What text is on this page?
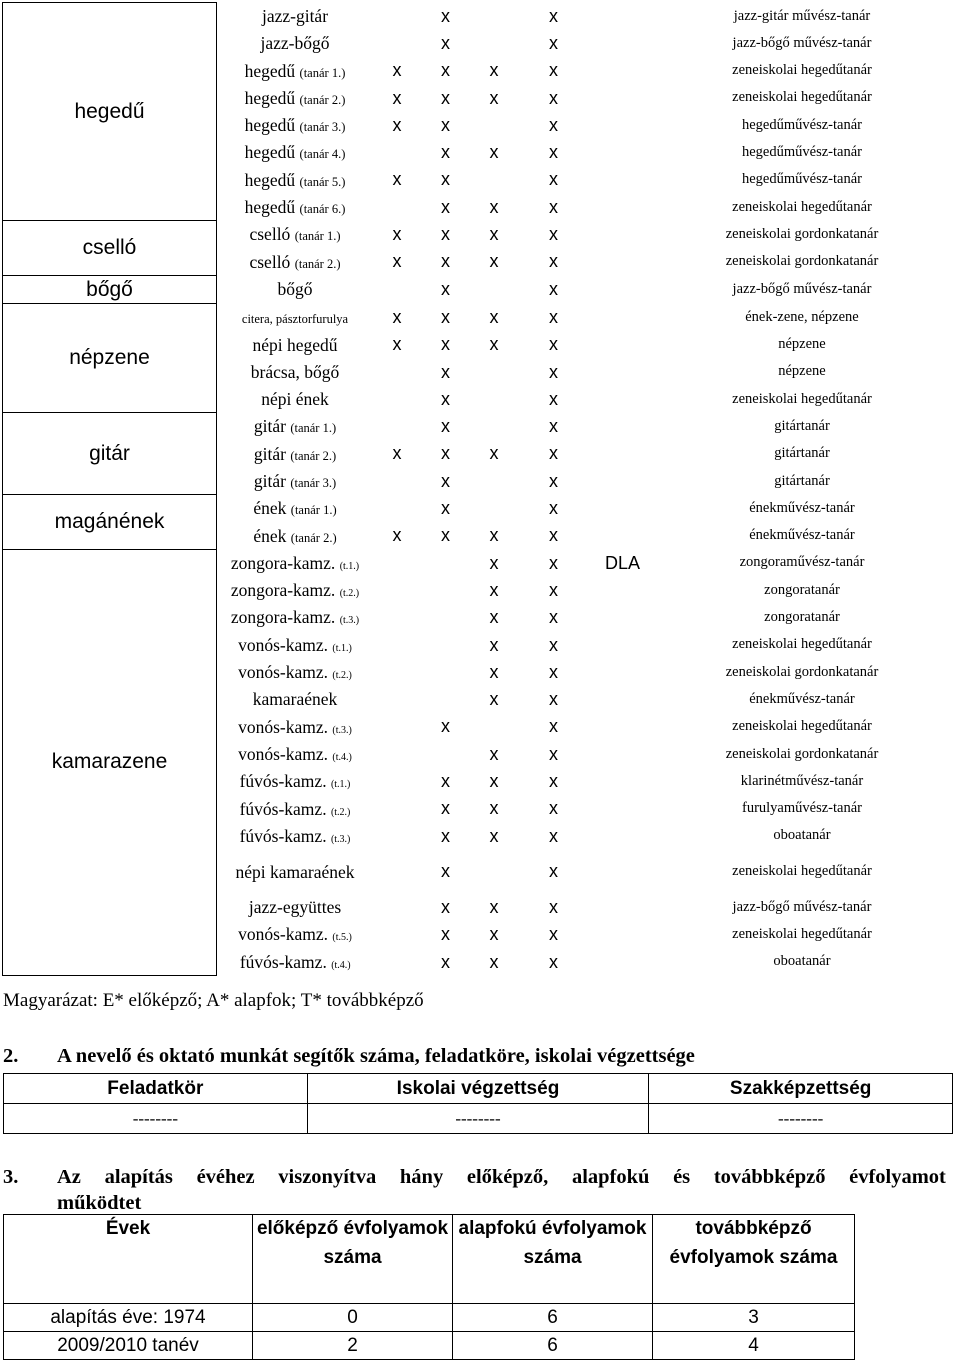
hegedű	jazz-gitár		x		x		jazz-gitár művész-tanár
	jazz-bőgő		x		x		jazz-bőgő művész-tanár
	hegedű (tanár 1.)	x	x	x	x		zeneiskolai hegedűtanár
	hegedű (tanár 2.)	x	x	x	x		zeneiskolai hegedűtanár
	hegedű (tanár 3.)	x	x		x		hegedűművész-tanár
	hegedű (tanár 4.)		x	x	x		hegedűművész-tanár
	hegedű (tanár 5.)	x	x		x		hegedűművész-tanár
	hegedű (tanár 6.)		x	x	x		zeneiskolai hegedűtanár
cselló	cselló (tanár 1.)	x	x	x	x		zeneiskolai gordonkatanár
	cselló (tanár 2.)	x	x	x	x		zeneiskolai gordonkatanár
bőgő	bőgő		x		x		jazz-bőgő művész-tanár
népzene	citera, pásztorfurulya	x	x	x	x		ének-zene, népzene
	népi hegedű	x	x	x	x		népzene
	brácsa, bőgő		x		x		népzene
	népi ének		x		x		zeneiskolai hegedűtanár
gitár	gitár (tanár 1.)		x		x		gitártanár
	gitár (tanár 2.)	x	x	x	x		gitártanár
	gitár (tanár 3.)		x		x		gitártanár
magánének	ének (tanár 1.)		x		x		énekművész-tanár
	ének (tanár 2.)	x	x	x	x		énekművész-tanár
kamarazene	zongora-kamz. (t.1.)			x	x	DLA	zongoraművész-tanár
	zongora-kamz. (t.2.)			x	x		zongoratanár
	zongora-kamz. (t.3.)			x	x		zongoratanár
	vonós-kamz. (t.1.)			x	x		zeneiskolai hegedűtanár
	vonós-kamz. (t.2.)			x	x		zeneiskolai gordonkatanár
	kamaraének			x	x		énekművész-tanár
	vonós-kamz. (t.3.)		x		x		zeneiskolai hegedűtanár
	vonós-kamz. (t.4.)			x	x		zeneiskolai gordonkatanár
	fúvós-kamz. (t.1.)		x	x	x		klarinétművész-tanár
	fúvós-kamz. (t.2.)		x	x	x		furulyaművész-tanár
	fúvós-kamz. (t.3.)		x	x	x		oboatanár
	népi kamaraének		x		x		zeneiskolai hegedűtanár
	jazz-együttes		x	x	x		jazz-bőgő művész-tanár
	vonós-kamz. (t.5.)		x	x	x		zeneiskolai hegedűtanár
	fúvós-kamz. (t.4.)		x	x	x		oboatanár
Magyarázat: E* előképző; A* alapfok; T* továbbképző
2. A nevelő és oktató munkát segítők száma, feladatköre, iskolai végzettsége
Feladatkör	Iskolai végzettség	Szakképzettség
--------	--------	--------
3.	Az alapítás évéhez viszonyítva hány előképző, alapfokú és továbbképző évfolyamot
működtet
Évek	előképző évfolyamok száma	alapfokú évfolyamok száma	továbbképző évfolyamok száma
alapítás éve: 1974	0	6	3
2009/2010 tanév	2	6	4
